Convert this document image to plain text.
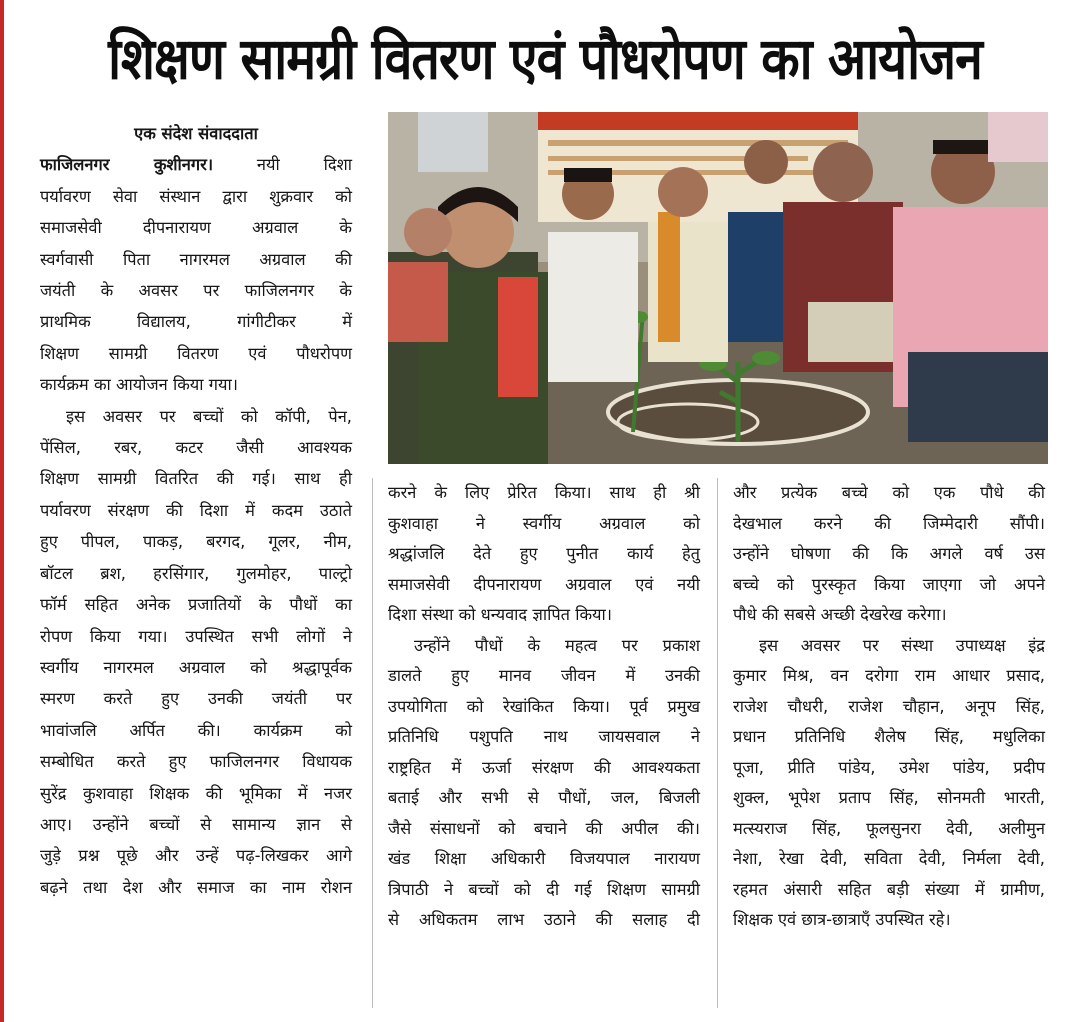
शिक्षण सामग्री वितरण एवं पौधरोपण का आयोजन

एक संदेश संवाददाता

फाजिलनगर कुशीनगर। नयी दिशा

पर्यावरण सेवा संस्थान द्वारा शुक्रवार को

समाजसेवी दीपनारायण अग्रवाल के

स्वर्गवासी पिता नागरमल अग्रवाल की

जयंती के अवसर पर फाजिलनगर के

प्राथमिक विद्यालय, गांगीटीकर में

शिक्षण सामग्री वितरण एवं पौधरोपण

कार्यक्रम का आयोजन किया गया।

इस अवसर पर बच्चों को कॉपी, पेन,

पेंसिल, रबर, कटर जैसी आवश्यक

शिक्षण सामग्री वितरित की गई। साथ ही

पर्यावरण संरक्षण की दिशा में कदम उठाते

हुए पीपल, पाकड़, बरगद, गूलर, नीम,

बॉटल ब्रश, हरसिंगार, गुलमोहर, पाल्ट्रो

फॉर्म सहित अनेक प्रजातियों के पौधों का

रोपण किया गया। उपस्थित सभी लोगों ने

स्वर्गीय नागरमल अग्रवाल को श्रद्धापूर्वक

स्मरण करते हुए उनकी जयंती पर

भावांजलि अर्पित की। कार्यक्रम को

सम्बोधित करते हुए फाजिलनगर विधायक

सुरेंद्र कुशवाहा शिक्षक की भूमिका में नजर

आए। उन्होंने बच्चों से सामान्य ज्ञान से

जुड़े प्रश्न पूछे और उन्हें पढ़-लिखकर आगे

बढ़ने तथा देश और समाज का नाम रोशन

करने के लिए प्रेरित किया। साथ ही श्री

कुशवाहा ने स्वर्गीय अग्रवाल को

श्रद्धांजलि देते हुए पुनीत कार्य हेतु

समाजसेवी दीपनारायण अग्रवाल एवं नयी

दिशा संस्था को धन्यवाद ज्ञापित किया।

उन्होंने पौधों के महत्व पर प्रकाश

डालते हुए मानव जीवन में उनकी

उपयोगिता को रेखांकित किया। पूर्व प्रमुख

प्रतिनिधि पशुपति नाथ जायसवाल ने

राष्ट्रहित में ऊर्जा संरक्षण की आवश्यकता

बताई और सभी से पौधों, जल, बिजली

जैसे संसाधनों को बचाने की अपील की।

खंड शिक्षा अधिकारी विजयपाल नारायण

त्रिपाठी ने बच्चों को दी गई शिक्षण सामग्री

से अधिकतम लाभ उठाने की सलाह दी

और प्रत्येक बच्चे को एक पौधे की

देखभाल करने की जिम्मेदारी सौंपी।

उन्होंने घोषणा की कि अगले वर्ष उस

बच्चे को पुरस्कृत किया जाएगा जो अपने

पौधे की सबसे अच्छी देखरेख करेगा।

इस अवसर पर संस्था उपाध्यक्ष इंद्र

कुमार मिश्र, वन दरोगा राम आधार प्रसाद,

राजेश चौधरी, राजेश चौहान, अनूप सिंह,

प्रधान प्रतिनिधि शैलेष सिंह, मधुलिका

पूजा, प्रीति पांडेय, उमेश पांडेय, प्रदीप

शुक्ल, भूपेश प्रताप सिंह, सोनमती भारती,

मत्स्यराज सिंह, फूलसुनरा देवी, अलीमुन

नेशा, रेखा देवी, सविता देवी, निर्मला देवी,

रहमत अंसारी सहित बड़ी संख्या में ग्रामीण,

शिक्षक एवं छात्र-छात्राएँ उपस्थित रहे।
